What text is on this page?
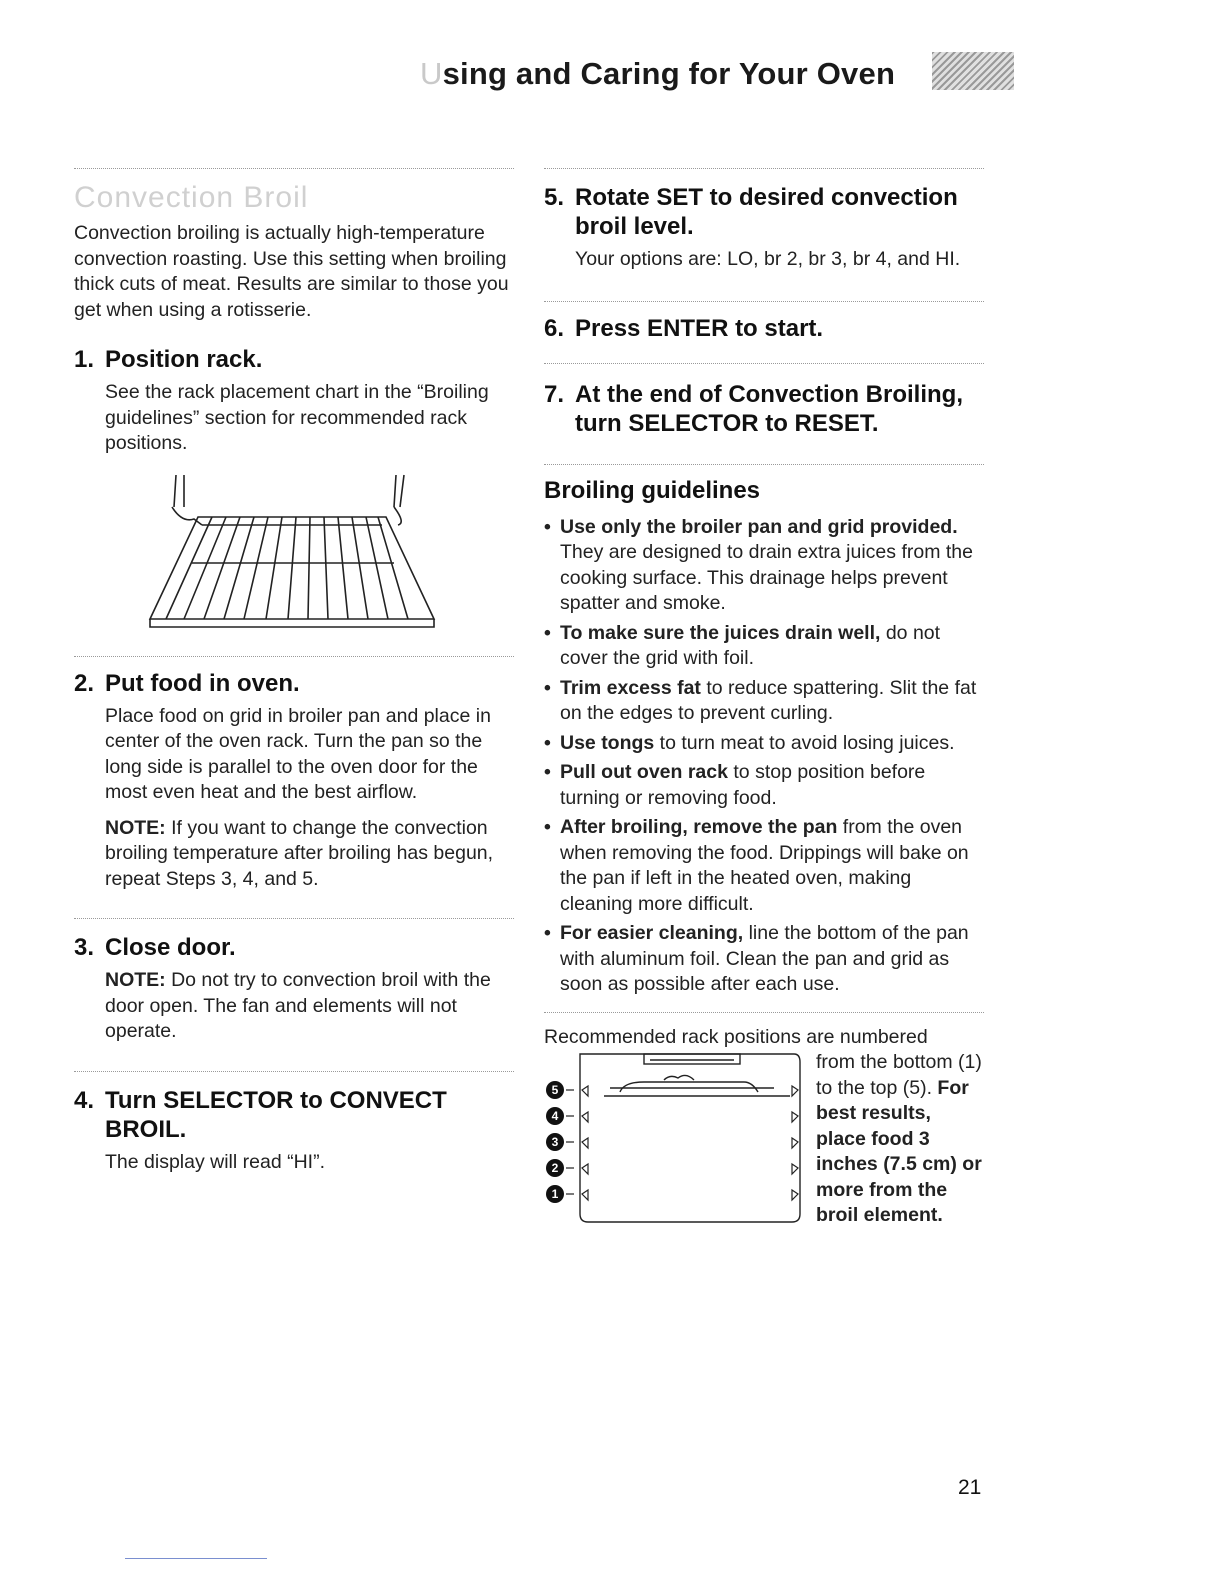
Using and Caring for Your Oven
Convection Broil

Convection broiling is actually high-temperature convection roasting. Use this setting when broiling thick cuts of meat. Results are similar to those you get when using a rotisserie.

1. Position rack.

See the rack placement chart in the “Broiling guidelines” section for recommended rack positions.

2. Put food in oven.

Place food on grid in broiler pan and place in center of the oven rack. Turn the pan so the long side is parallel to the oven door for the most even heat and the best airflow.

NOTE: If you want to change the convection broiling temperature after broiling has begun, repeat Steps 3, 4, and 5.

3. Close door.

NOTE: Do not try to convection broil with the door open. The fan and elements will not operate.

4. Turn SELECTOR to CONVECT BROIL.

The display will read “HI”.

5. Rotate SET to desired convection broil level.

Your options are: LO, br 2, br 3, br 4, and HI.

6. Press ENTER to start.
7. At the end of Convection Broiling, turn SELECTOR to RESET.
Broiling guidelines
• Use only the broiler pan and grid provided. They are designed to drain extra juices from the cooking surface. This drainage helps prevent spatter and smoke.
• To make sure the juices drain well, do not cover the grid with foil.
• Trim excess fat to reduce spattering. Slit the fat on the edges to prevent curling.
• Use tongs to turn meat to avoid losing juices.
• Pull out oven rack to stop position before turning or removing food.
• After broiling, remove the pan from the oven when removing the food. Drippings will bake on the pan if left in the heated oven, making cleaning more difficult.
• For easier cleaning, line the bottom of the pan with aluminum foil. Clean the pan and grid as soon as possible after each use.

Recommended rack positions are numbered

5
4
3
2
1
from the bottom (1) to the top (5). For best results, place food 3 inches (7.5 cm) or more from the broil element.
21
